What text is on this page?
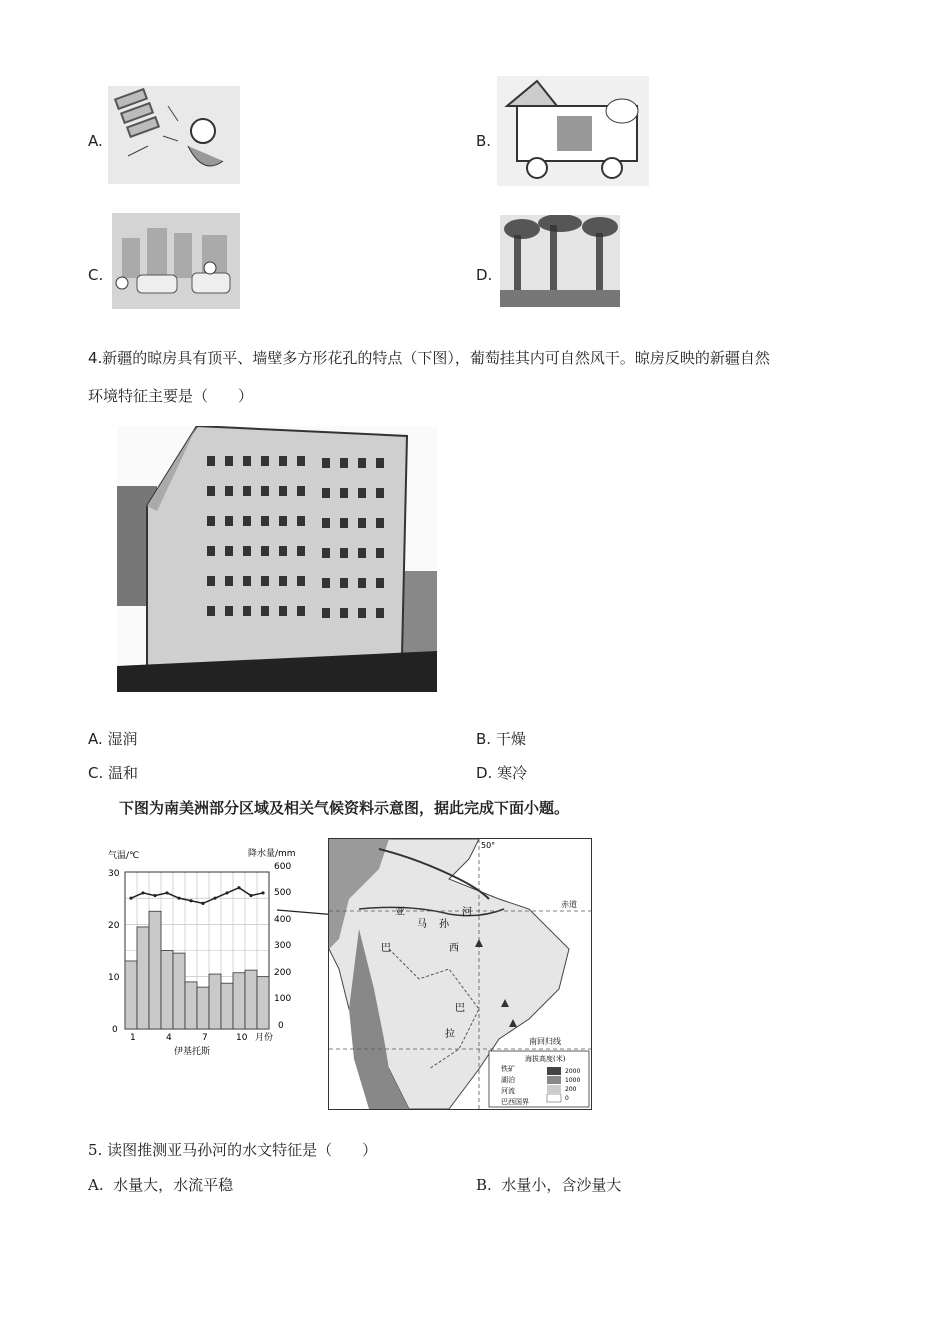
A.	B.
C.	D.
4.新疆的晾房具有顶平、墙壁多方形花孔的特点（下图），葡萄挂其内可自然风干。晾房反映的新疆自然
环境特征主要是（　　）
A. 湿润	B. 干燥
C. 温和	D. 寒冷
下图为南美洲部分区域及相关气候资料示意图，据此完成下面小题。
气温/℃	降水量/mm
30
20
10
0
600
500
400
300
200
100
0
1	4	7	10 月份
伊基托斯
50°
赤道
南回归线
亚
马 孙
河
巴	西
巴
拉
海拔高度(米)
铁矿
湖泊
河流
巴西国界
2000
1000
200
0
5. 读图推测亚马孙河的水文特征是（　　）
A. 水量大，水流平稳	B. 水量小，含沙量大
